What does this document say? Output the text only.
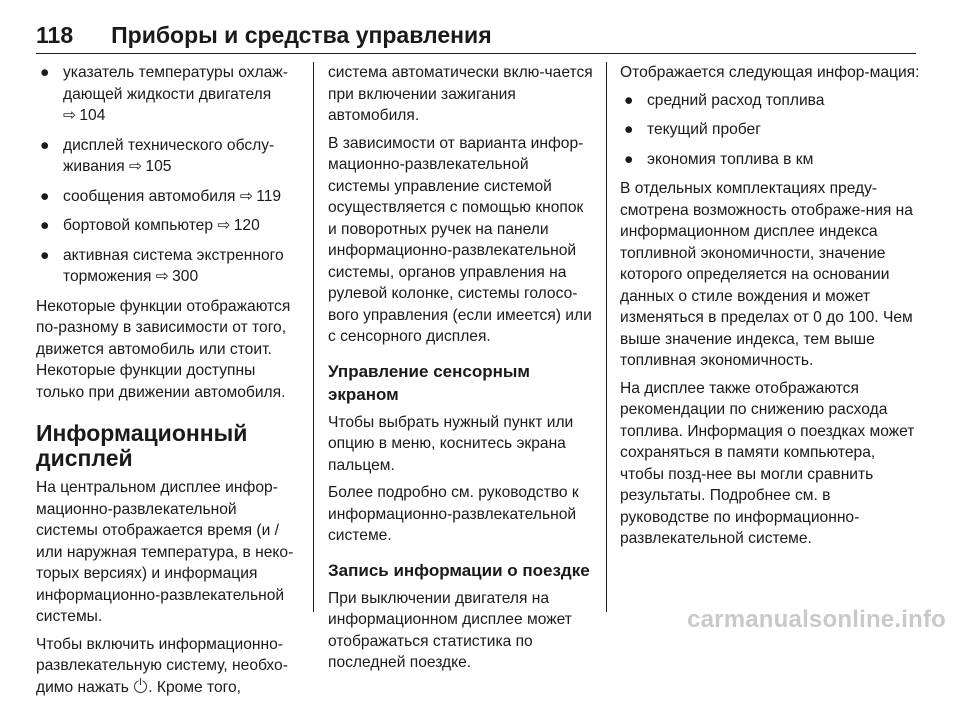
118 Приборы и средства управления
● указатель температуры охлаж-дающей жидкости двигателя
⇨ 104
● дисплей технического обслу-живания ⇨ 105
● сообщения автомобиля ⇨ 119
● бортовой компьютер ⇨ 120
● активная система экстренного торможения ⇨ 300

Некоторые функции отображаются по-разному в зависимости от того, движется автомобиль или стоит. Некоторые функции доступны только при движении автомобиля.

Информационный дисплей

На центральном дисплее инфор-мационно-развлекательной системы отображается время (и / или наружная температура, в неко-торых версиях) и информация информационно-развлекательной системы.

Чтобы включить информационно-развлекательную систему, необхо-димо нажать . Кроме того,

система автоматически вклю-чается при включении зажигания автомобиля.

В зависимости от варианта инфор-мационно-развлекательной системы управление системой осуществляется с помощью кнопок и поворотных ручек на панели информационно-развлекательной системы, органов управления на рулевой колонке, системы голосо-вого управления (если имеется) или с сенсорного дисплея.

Управление сенсорным экраном

Чтобы выбрать нужный пункт или опцию в меню, коснитесь экрана пальцем.

Более подробно см. руководство к информационно-развлекательной системе.

Запись информации о поездке

При выключении двигателя на информационном дисплее может отображаться статистика по последней поездке.

Отображается следующая инфор-мация:

● средний расход топлива
● текущий пробег
● экономия топлива в км

В отдельных комплектациях преду-смотрена возможность отображе-ния на информационном дисплее индекса топливной экономичности, значение которого определяется на основании данных о стиле вождения и может изменяться в пределах от 0 до 100. Чем выше значение индекса, тем выше топливная экономичность.

На дисплее также отображаются рекомендации по снижению расхода топлива. Информация о поездках может сохраняться в памяти компьютера, чтобы позд-нее вы могли сравнить результаты. Подробнее см. в руководстве по информационно-развлекательной системе.

carmanualsonline.info
